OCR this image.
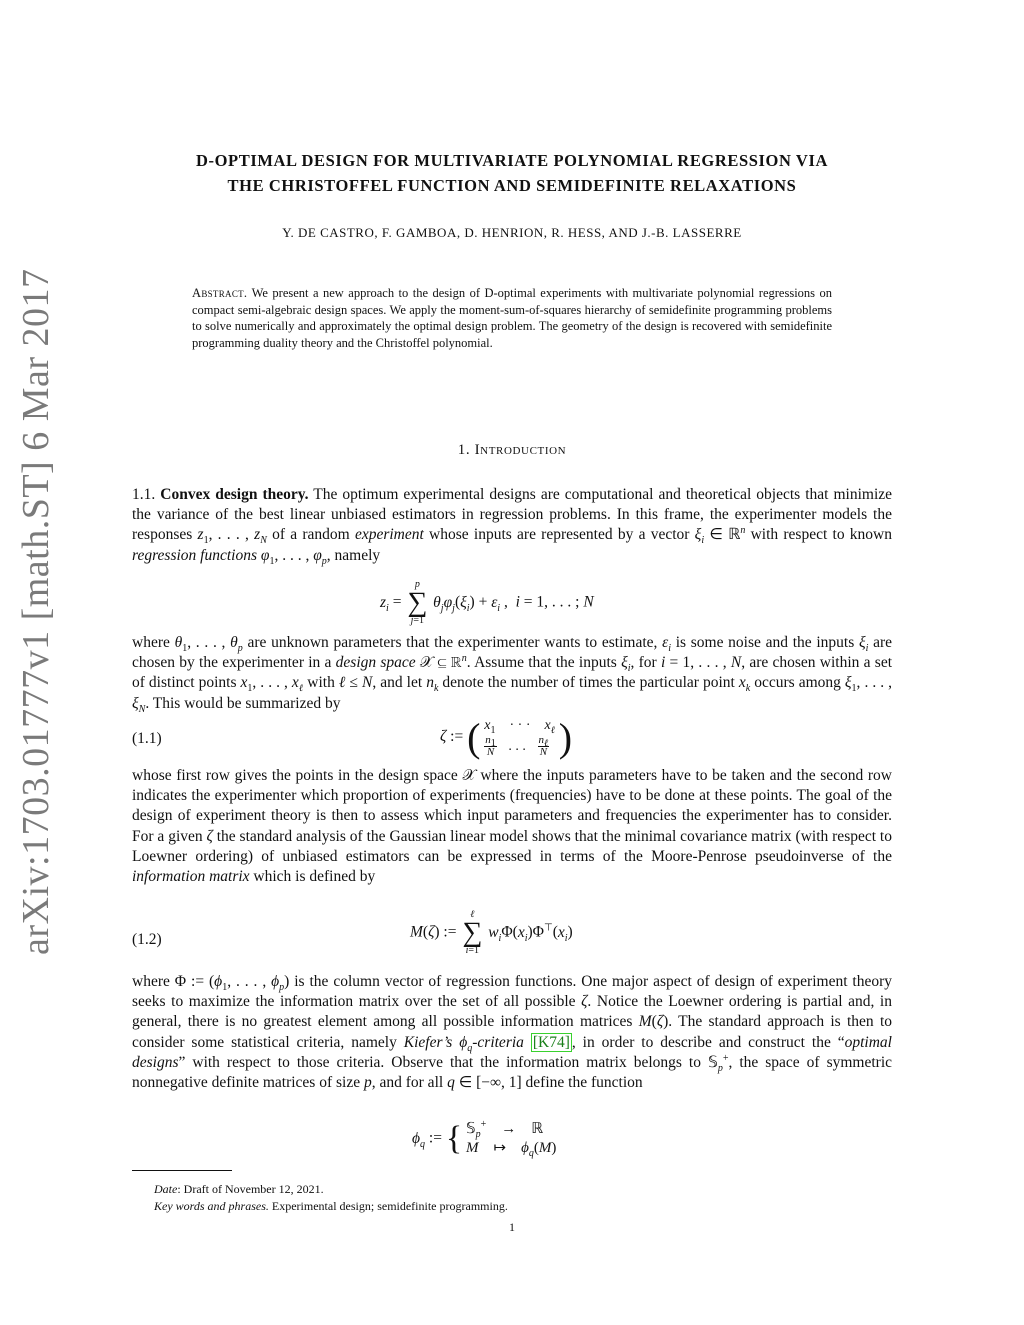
arXiv:1703.01777v1 [math.ST] 6 Mar 2017
D-OPTIMAL DESIGN FOR MULTIVARIATE POLYNOMIAL REGRESSION VIA
THE CHRISTOFFEL FUNCTION AND SEMIDEFINITE RELAXATIONS
Y. DE CASTRO, F. GAMBOA, D. HENRION, R. HESS, AND J.-B. LASSERRE
Abstract. We present a new approach to the design of D-optimal experiments with multivariate polynomial regressions on compact semi-algebraic design spaces. We apply the moment-sum-of-squares hierarchy of semidefinite programming problems to solve numerically and approximately the optimal design problem. The geometry of the design is recovered with semidefinite programming duality theory and the Christoffel polynomial.
1. Introduction
1.1. Convex design theory. The optimum experimental designs are computational and theoretical objects that minimize the variance of the best linear unbiased estimators in regression problems. In this frame, the experimenter models the responses $z_1$, . . . , $z_N$ of a random experiment whose inputs are represented by a vector $\xi_i$ ∈ ℝ$^n$ with respect to known regression functions $\varphi_1$, . . . , $\varphi_p$, namely
$z_i$ =
p
∑
j=1
$\theta_j\varphi_j(\xi_i) + \varepsilon_i$ ,  i = 1, . . . ; N
where $\theta_1$, . . . , $\theta_p$ are unknown parameters that the experimenter wants to estimate, $\varepsilon_i$ is some noise and the inputs $\xi_i$ are chosen by the experimenter in a design space 𝒳 ⊆ ℝ$^n$. Assume that the inputs $\xi_i$, for i = 1, . . . , N, are chosen within a set of distinct points $x_1$, . . . , $x_\ell$ with ℓ ≤ N, and let $n_k$ denote the number of times the particular point $x_k$ occurs among $\xi_1$, . . . , $\xi_N$. This would be summarized by
(1.1)	ζ := ( $x_1$    · · ·    $x_\ell$
$\frac{n_1}{N}$ . . . $\frac{n_\ell}{N}$ )
whose first row gives the points in the design space 𝒳 where the inputs parameters have to be taken and the second row indicates the experimenter which proportion of experiments (frequencies) have to be done at these points. The goal of the design of experiment theory is then to assess which input parameters and frequencies the experimenter has to consider. For a given ζ the standard analysis of the Gaussian linear model shows that the minimal covariance matrix (with respect to Loewner ordering) of unbiased estimators can be expressed in terms of the Moore-Penrose pseudoinverse of the information matrix which is defined by
(1.2)	M(ζ) :=
ℓ
∑
i=1
$w_i\Phi(x_i)\Phi^⊤(x_i)$
where Φ := ($\phi_1$, . . . , $\phi_p$) is the column vector of regression functions. One major aspect of design of experiment theory seeks to maximize the information matrix over the set of all possible ζ. Notice the Loewner ordering is partial and, in general, there is no greatest element among all possible information matrices M(ζ). The standard approach is then to consider some statistical criteria, namely Kiefer’s $\phi_q$-criteria [K74] , in order to describe and construct the “optimal designs” with respect to those criteria. Observe that the information matrix belongs to 𝕊$_p$+, the space of symmetric nonnegative definite matrices of size p, and for all q ∈ [−∞, 1] define the function
$\phi_q$ := { 𝕊$_p$+    →    ℝ
M    ↦    $\phi_q(M)$
Date: Draft of November 12, 2021.
Key words and phrases. Experimental design; semidefinite programming.
1
